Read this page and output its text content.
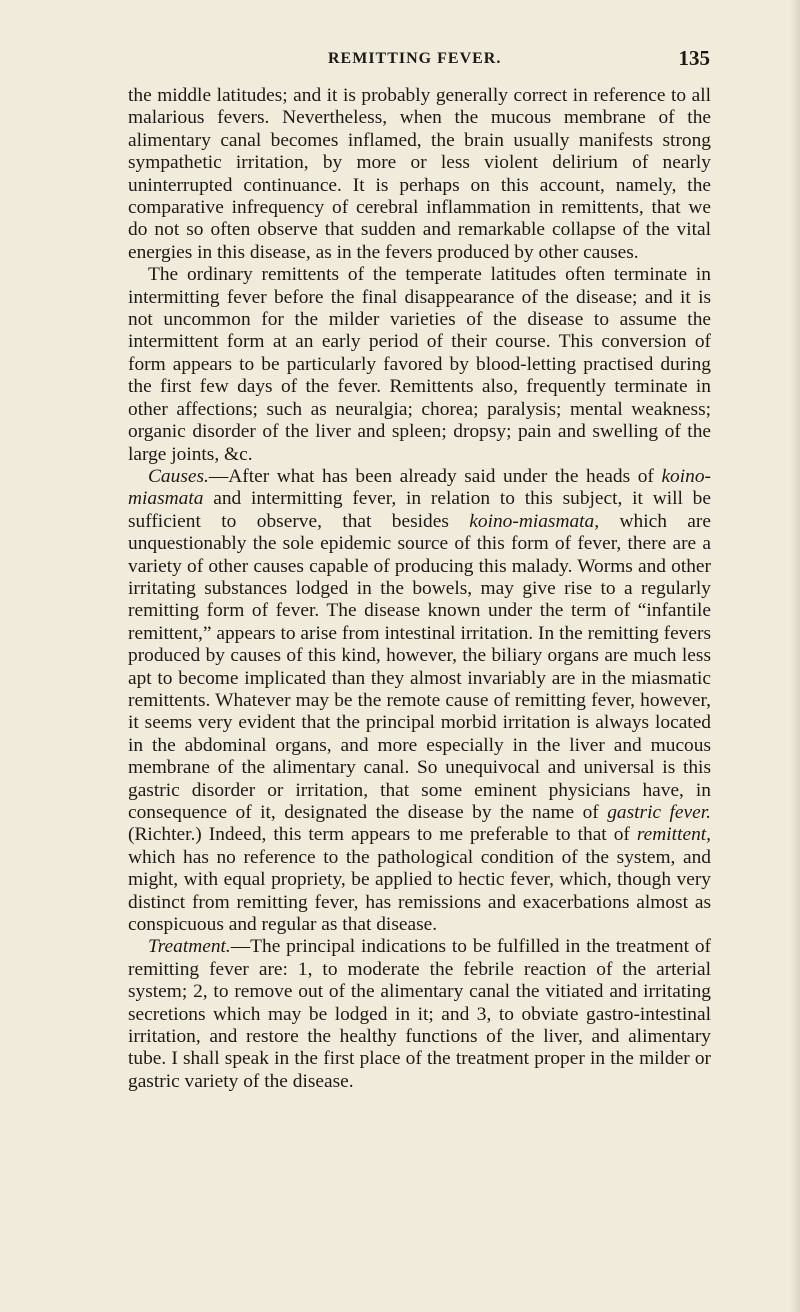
REMITTING FEVER.	135

the middle latitudes; and it is probably generally correct in reference to all malarious fevers. Nevertheless, when the mucous membrane of the alimentary canal becomes inflamed, the brain usually manifests strong sympathetic irritation, by more or less violent delirium of nearly uninterrupted continuance. It is perhaps on this account, namely, the comparative infrequency of cerebral inflammation in remittents, that we do not so often observe that sudden and remarkable collapse of the vital energies in this disease, as in the fevers produced by other causes.

The ordinary remittents of the temperate latitudes often terminate in intermitting fever before the final disappearance of the disease; and it is not uncommon for the milder varieties of the disease to assume the intermittent form at an early period of their course. This conversion of form appears to be particularly favored by blood-letting practised during the first few days of the fever. Remittents also, frequently terminate in other affections; such as neuralgia; chorea; paralysis; mental weakness; organic disorder of the liver and spleen; dropsy; pain and swelling of the large joints, &c.

Causes.—After what has been already said under the heads of koino-miasmata and intermitting fever, in relation to this subject, it will be sufficient to observe, that besides koino-miasmata, which are unquestionably the sole epidemic source of this form of fever, there are a variety of other causes capable of producing this malady. Worms and other irritating substances lodged in the bowels, may give rise to a regularly remitting form of fever. The disease known under the term of “infantile remittent,” appears to arise from intestinal irritation. In the remitting fevers produced by causes of this kind, however, the biliary organs are much less apt to become implicated than they almost invariably are in the miasmatic remittents. Whatever may be the remote cause of remitting fever, however, it seems very evident that the principal morbid irritation is always located in the abdominal organs, and more especially in the liver and mucous membrane of the alimentary canal. So unequivocal and universal is this gastric disorder or irritation, that some eminent physicians have, in consequence of it, designated the disease by the name of gastric fever. (Richter.) Indeed, this term appears to me preferable to that of remittent, which has no reference to the pathological condition of the system, and might, with equal propriety, be applied to hectic fever, which, though very distinct from remitting fever, has remissions and exacerbations almost as conspicuous and regular as that disease.

Treatment.—The principal indications to be fulfilled in the treatment of remitting fever are: 1, to moderate the febrile reaction of the arterial system; 2, to remove out of the alimentary canal the vitiated and irritating secretions which may be lodged in it; and 3, to obviate gastro-intestinal irritation, and restore the healthy functions of the liver, and alimentary tube. I shall speak in the first place of the treatment proper in the milder or gastric variety of the disease.
